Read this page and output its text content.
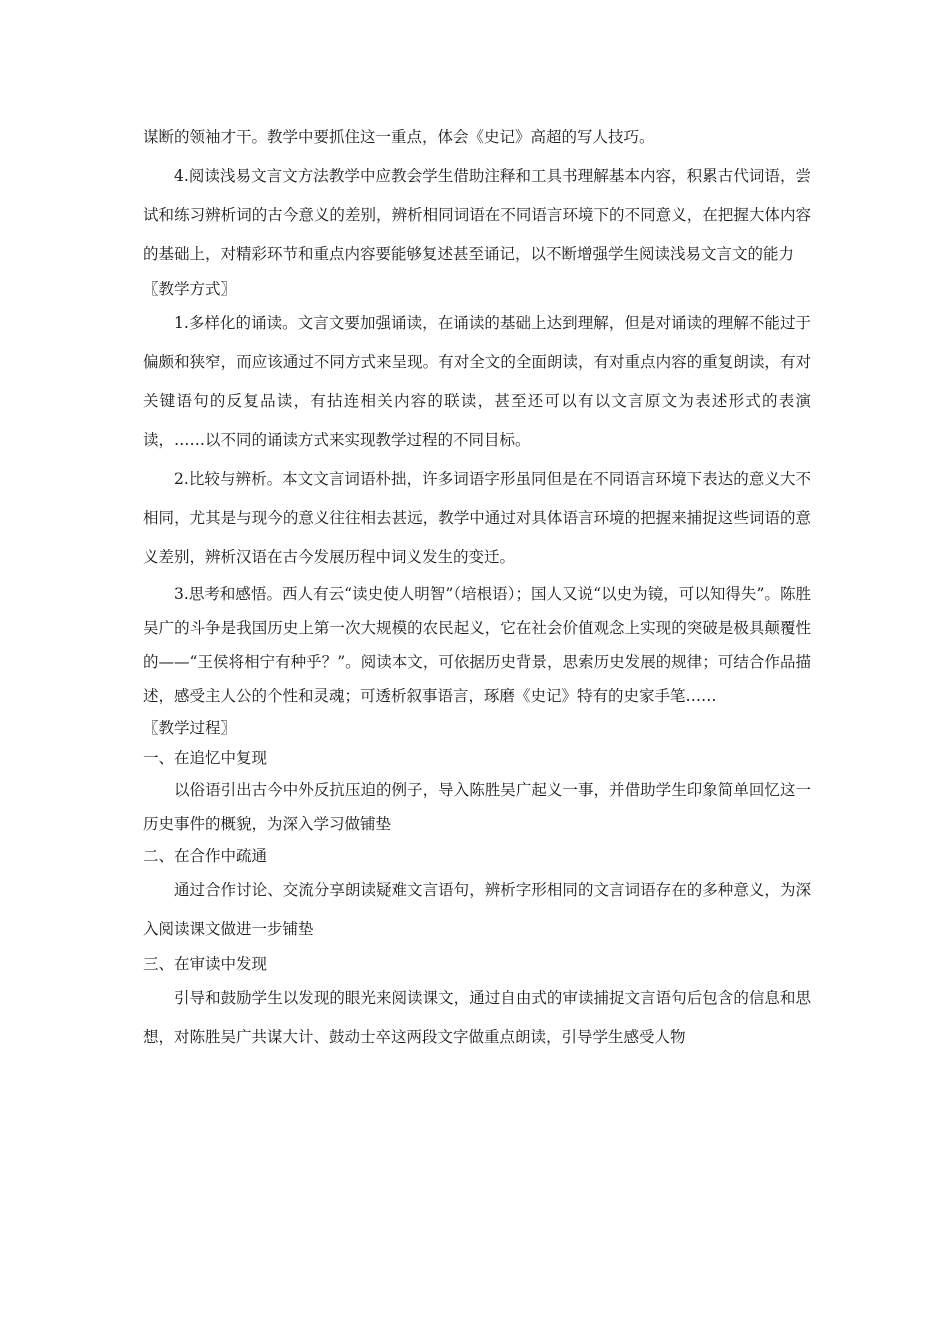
谋断的领袖才干。教学中要抓住这一重点，体会《史记》高超的写人技巧。

4.阅读浅易文言文方法教学中应教会学生借助注释和工具书理解基本内容，积累古代词语，尝试和练习辨析词的古今意义的差别，辨析相同词语在不同语言环境下的不同意义，在把握大体内容的基础上，对精彩环节和重点内容要能够复述甚至诵记，以不断增强学生阅读浅易文言文的能力

〖教学方式〗

1.多样化的诵读。文言文要加强诵读，在诵读的基础上达到理解，但是对诵读的理解不能过于偏颇和狭窄，而应该通过不同方式来呈现。有对全文的全面朗读，有对重点内容的重复朗读，有对关键语句的反复品读，有拈连相关内容的联读，甚至还可以有以文言原文为表述形式的表演读，……以不同的诵读方式来实现教学过程的不同目标。

2.比较与辨析。本文文言词语朴拙，许多词语字形虽同但是在不同语言环境下表达的意义大不相同，尤其是与现今的意义往往相去甚远，教学中通过对具体语言环境的把握来捕捉这些词语的意义差别，辨析汉语在古今发展历程中词义发生的变迁。

3.思考和感悟。西人有云“读史使人明智”（培根语）；国人又说“以史为镜，可以知得失”。陈胜吴广的斗争是我国历史上第一次大规模的农民起义，它在社会价值观念上实现的突破是极具颠覆性的——“王侯将相宁有种乎？”。阅读本文，可依据历史背景，思索历史发展的规律；可结合作品描述，感受主人公的个性和灵魂；可透析叙事语言，琢磨《史记》特有的史家手笔……

〖教学过程〗

一、在追忆中复现

以俗语引出古今中外反抗压迫的例子，导入陈胜吴广起义一事，并借助学生印象简单回忆这一历史事件的概貌，为深入学习做铺垫

二、在合作中疏通

通过合作讨论、交流分享朗读疑难文言语句，辨析字形相同的文言词语存在的多种意义，为深入阅读课文做进一步铺垫

三、在审读中发现

引导和鼓励学生以发现的眼光来阅读课文，通过自由式的审读捕捉文言语句后包含的信息和思想，对陈胜吴广共谋大计、鼓动士卒这两段文字做重点朗读，引导学生感受人物
